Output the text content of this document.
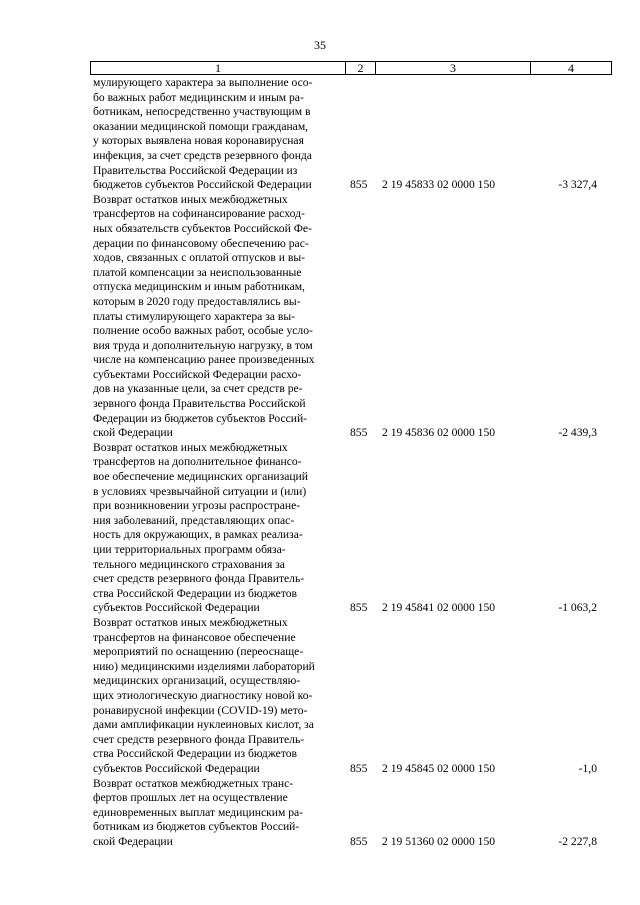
35
1	2	3	4
мулирующего характера за выполнение осо-
бо важных работ медицинским и иным ра-
ботникам, непосредственно участвующим в
оказании медицинской помощи гражданам,
у которых выявлена новая коронавирусная
инфекция, за счет средств резервного фонда
Правительства Российской Федерации из
бюджетов субъектов Российской Федерации	855	2 19 45833 02 0000 150	-3 327,4
Возврат остатков иных межбюджетных
трансфертов на софинансирование расход-
ных обязательств субъектов Российской Фе-
дерации по финансовому обеспечению рас-
ходов, связанных с оплатой отпусков и вы-
платой компенсации за неиспользованные
отпуска медицинским и иным работникам,
которым в 2020 году предоставлялись вы-
платы стимулирующего характера за вы-
полнение особо важных работ, особые усло-
вия труда и дополнительную нагрузку, в том
числе на компенсацию ранее произведенных
субъектами Российской Федерации расхо-
дов на указанные цели, за счет средств ре-
зервного фонда Правительства Российской
Федерации из бюджетов субъектов Россий-
ской Федерации	855	2 19 45836 02 0000 150	-2 439,3
Возврат остатков иных межбюджетных
трансфертов на дополнительное финансо-
вое обеспечение медицинских организаций
в условиях чрезвычайной ситуации и (или)
при возникновении угрозы распростране-
ния заболеваний, представляющих опас-
ность для окружающих, в рамках реализа-
ции территориальных программ обяза-
тельного медицинского страхования за
счет средств резервного фонда Правитель-
ства Российской Федерации из бюджетов
субъектов Российской Федерации	855	2 19 45841 02 0000 150	-1 063,2
Возврат остатков иных межбюджетных
трансфертов на финансовое обеспечение
мероприятий по оснащению (переоснаще-
нию) медицинскими изделиями лабораторий
медицинских организаций, осуществляю-
щих этиологическую диагностику новой ко-
ронавирусной инфекции (COVID-19) мето-
дами амплификации нуклеиновых кислот, за
счет средств резервного фонда Правитель-
ства Российской Федерации из бюджетов
субъектов Российской Федерации	855	2 19 45845 02 0000 150	-1,0
Возврат остатков межбюджетных транс-
фертов прошлых лет на осуществление
единовременных выплат медицинским ра-
ботникам из бюджетов субъектов Россий-
ской Федерации	855	2 19 51360 02 0000 150	-2 227,8
